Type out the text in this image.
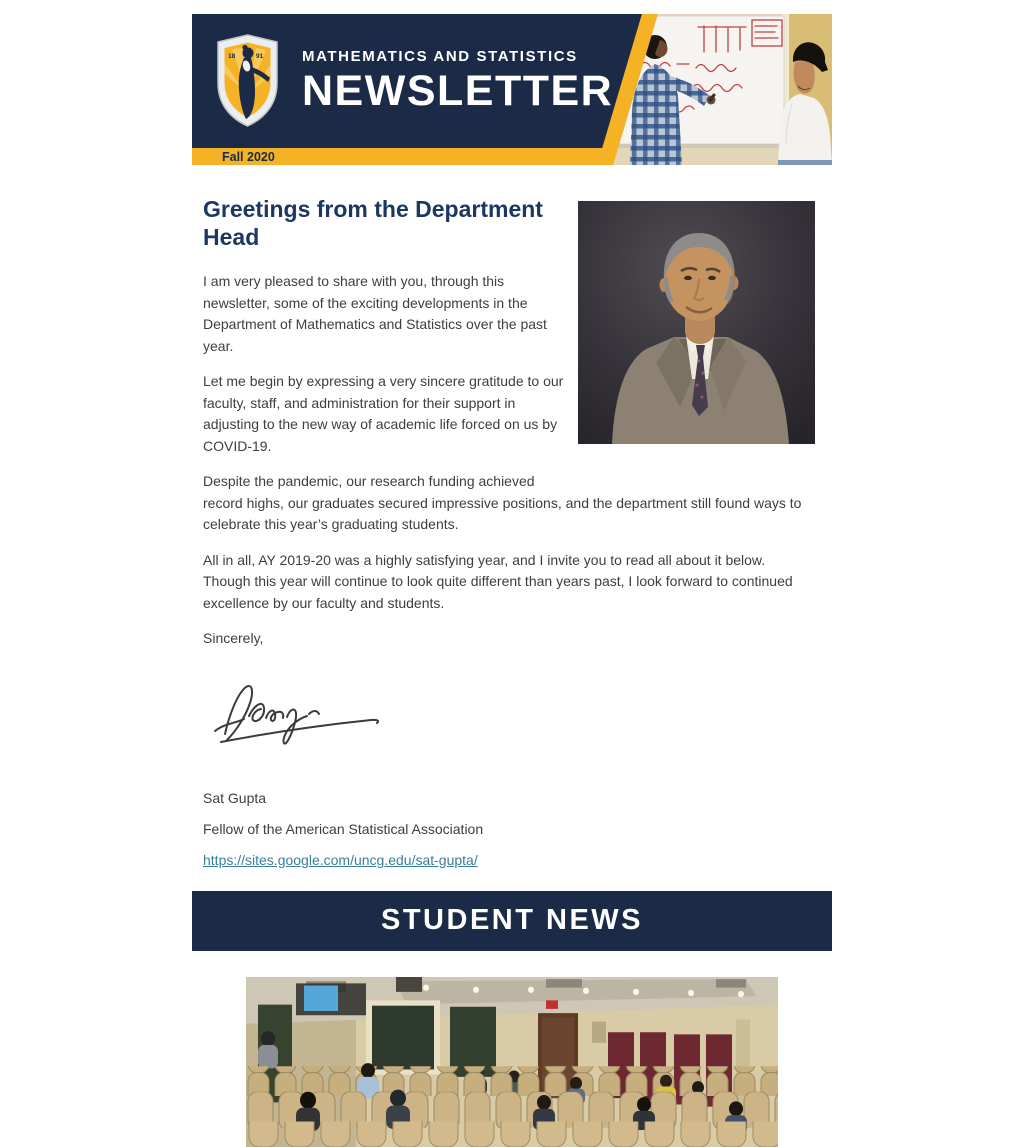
18	91	MATHEMATICS AND STATISTICS
NEWSLETTER
Fall 2020
Greetings from the Department Head

I am very pleased to share with you, through this newsletter, some of the exciting developments in the Department of Mathematics and Statistics over the past year.

Let me begin by expressing a very sincere gratitude to our faculty, staff, and administration for their support in adjusting to the new way of academic life forced on us by COVID-19.

Despite the pandemic, our research funding achieved record highs, our graduates secured impressive positions, and the department still found ways to celebrate this year’s graduating students.

All in all, AY 2019-20 was a highly satisfying year, and I invite you to read all about it below. Though this year will continue to look quite different than years past, I look forward to continued excellence by our faculty and students.

Sincerely,

Sat Gupta

Fellow of the American Statistical Association

https://sites.google.com/uncg.edu/sat-gupta/
STUDENT NEWS
